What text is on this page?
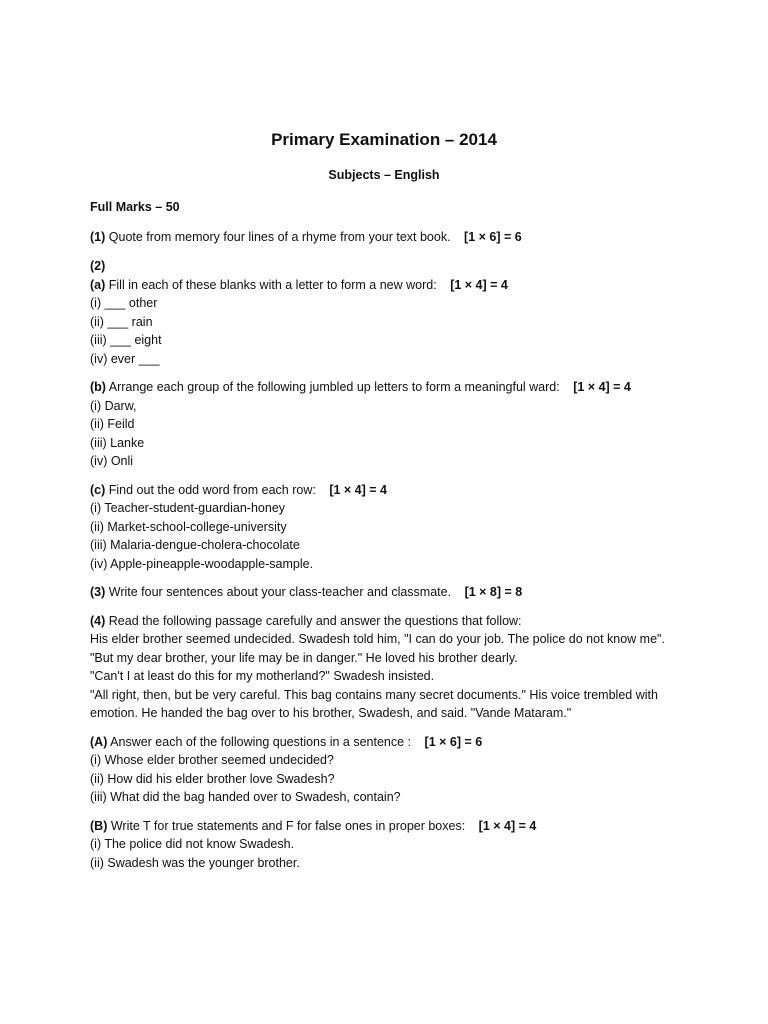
Primary Examination – 2014
Subjects – English
Full Marks – 50
(1) Quote from memory four lines of a rhyme from your text book. [1 × 6] = 6
(2)
(a) Fill in each of these blanks with a letter to form a new word: [1 × 4] = 4
(i) ___ other
(ii) ___ rain
(iii) ___ eight
(iv) ever ___
(b) Arrange each group of the following jumbled up letters to form a meaningful ward: [1 × 4] = 4
(i) Darw,
(ii) Feild
(iii) Lanke
(iv) Onli
(c) Find out the odd word from each row: [1 × 4] = 4
(i) Teacher-student-guardian-honey
(ii) Market-school-college-university
(iii) Malaria-dengue-cholera-chocolate
(iv) Apple-pineapple-woodapple-sample.
(3) Write four sentences about your class-teacher and classmate. [1 × 8] = 8
(4) Read the following passage carefully and answer the questions that follow:
His elder brother seemed undecided. Swadesh told him, "I can do your job. The police do not know me".
"But my dear brother, your life may be in danger." He loved his brother dearly.
"Can't I at least do this for my motherland?" Swadesh insisted.
"All right, then, but be very careful. This bag contains many secret documents." His voice trembled with emotion. He handed the bag over to his brother, Swadesh, and said. "Vande Mataram."
(A) Answer each of the following questions in a sentence : [1 × 6] = 6
(i) Whose elder brother seemed undecided?
(ii) How did his elder brother love Swadesh?
(iii) What did the bag handed over to Swadesh, contain?
(B) Write T for true statements and F for false ones in proper boxes: [1 × 4] = 4
(i) The police did not know Swadesh.
(ii) Swadesh was the younger brother.
